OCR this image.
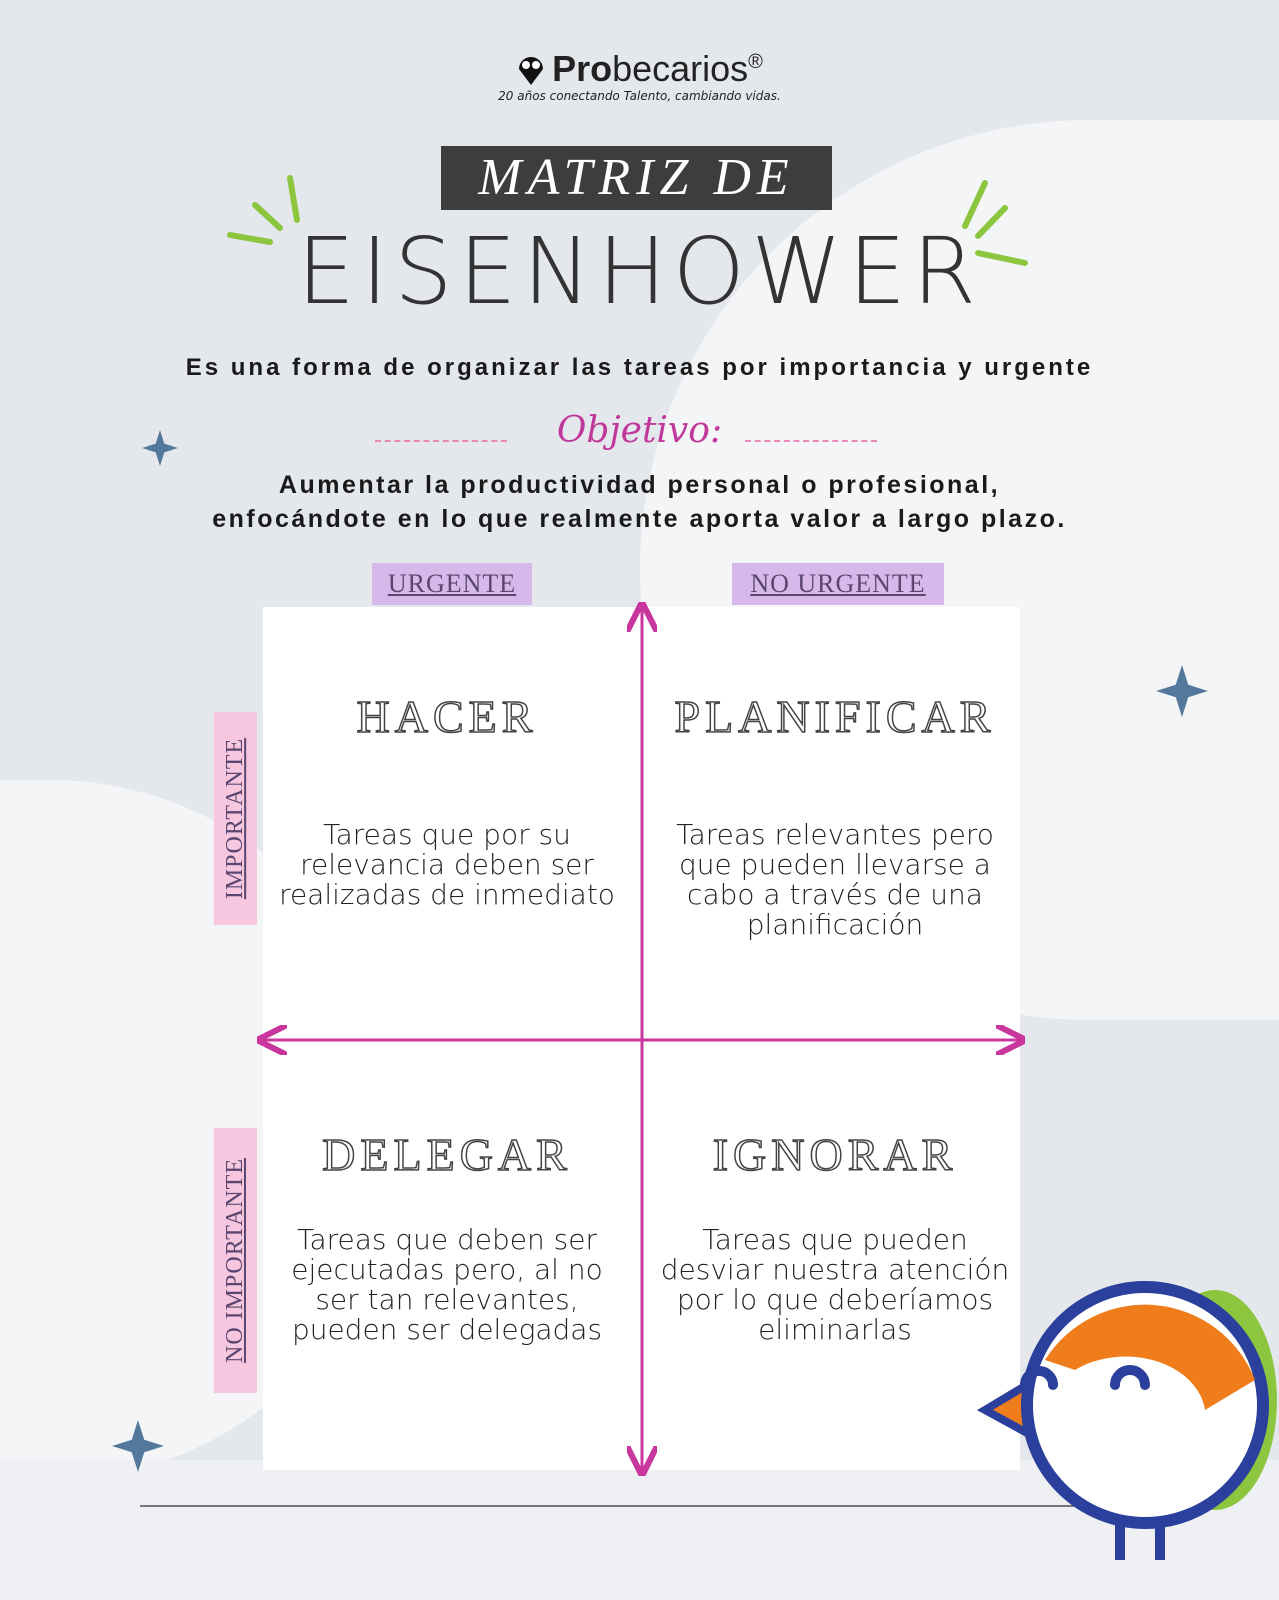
Probecarios®
20 años conectando Talento, cambiando vidas.
MATRIZ DE
EISENHOWER
Es una forma de organizar las tareas por importancia y urgente
Objetivo:
Aumentar la productividad personal o profesional,
enfocándote en lo que realmente aporta valor a largo plazo.
URGENTE	NO URGENTE
IMPORTANTE
NO IMPORTANTE
HACER
Tareas que por su relevancia deben ser realizadas de inmediato
PLANIFICAR
Tareas relevantes pero que pueden llevarse a cabo a través de una planificación
DELEGAR
Tareas que deben ser ejecutadas pero, al no ser tan relevantes, pueden ser delegadas
IGNORAR
Tareas que pueden desviar nuestra atención por lo que deberíamos eliminarlas
